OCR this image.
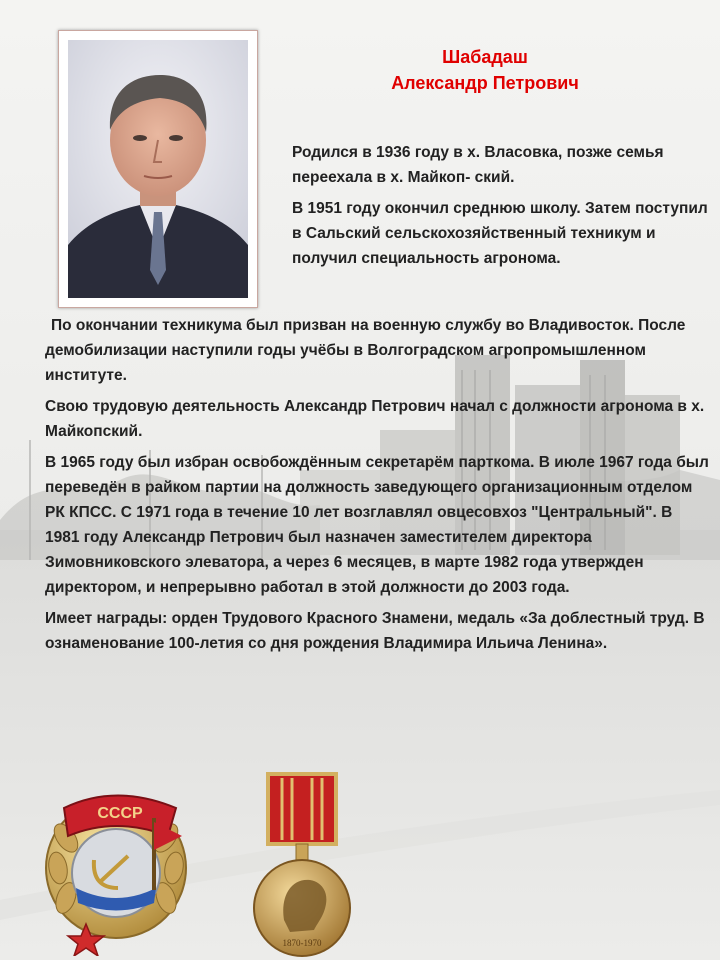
Шабадаш
Александр Петрович

Родился в 1936 году в х. Власовка, позже семья переехала в х. Майкоп- ский.

В 1951 году окончил среднюю школу. Затем поступил в Сальский сельскохозяйственный техникум и получил специальность агронома.

По окончании техникума был призван на военную службу во Владивосток. После демобилизации наступили годы учёбы в Волгоградском агропромышленном институте.

Свою трудовую деятельность Александр Петрович начал с должности агронома в х. Майкопский.

В 1965 году был избран освобождённым секретарём парткома. В июле 1967 года был переведён в райком партии на должность заведующего организационным отделом РК КПСС. С 1971 года в течение 10 лет возглавлял овцесовхоз "Центральный". В 1981 году Александр Петрович был назначен заместителем директора Зимовниковского элеватора, а через 6 месяцев, в марте 1982 года утвержден директором, и непрерывно работал в этой должности до 2003 года.

Имеет награды: орден Трудового Красного Знамени, медаль «За доблестный труд. В ознаменование 100-летия со дня рождения Владимира Ильича Ленина».

СССР
1870-1970
